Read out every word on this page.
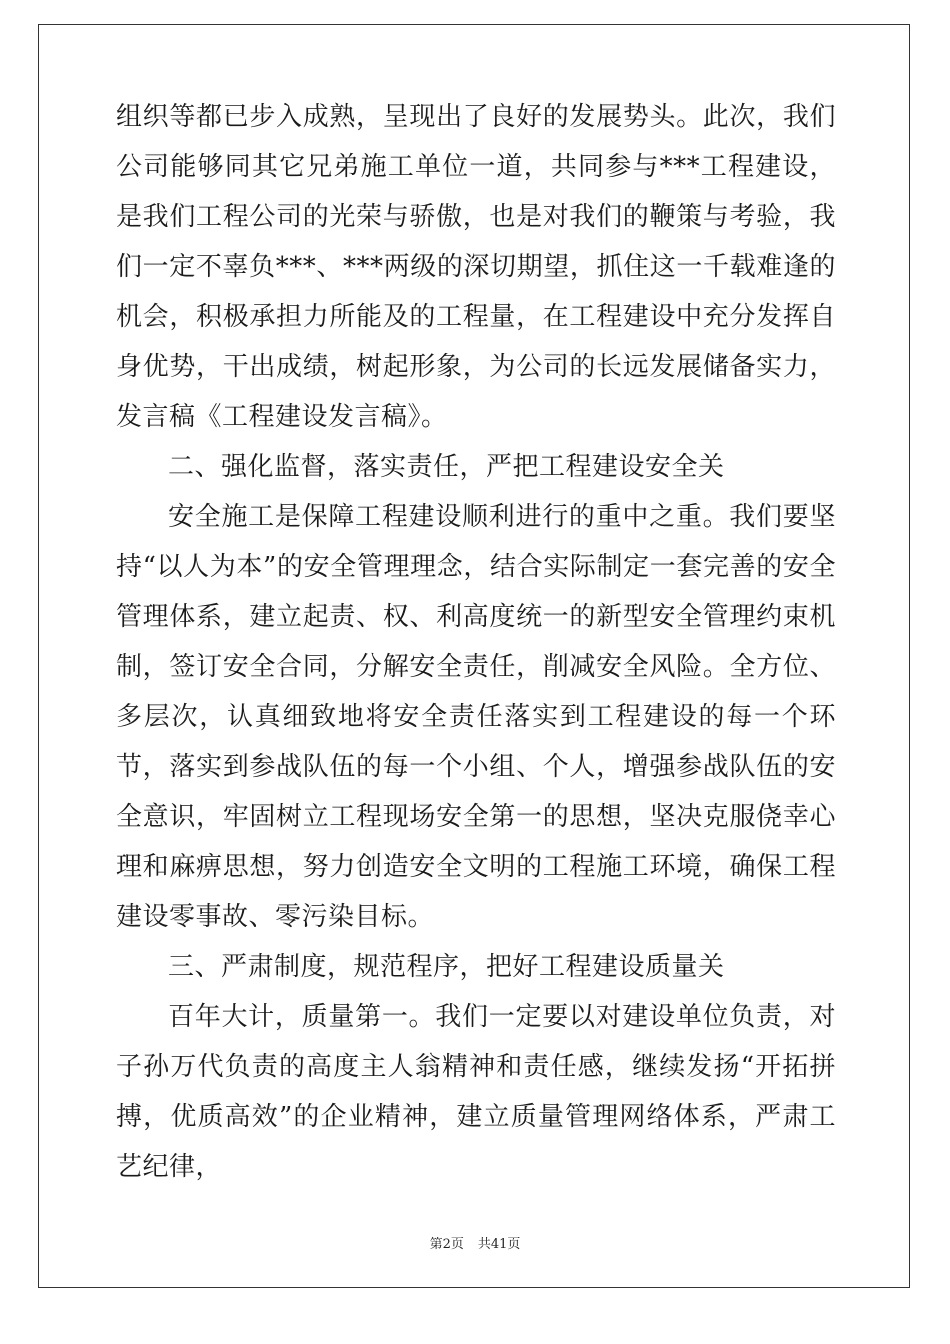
组织等都已步入成熟，呈现出了良好的发展势头。此次，我们公司能够同其它兄弟施工单位一道，共同参与***工程建设，是我们工程公司的光荣与骄傲，也是对我们的鞭策与考验，我们一定不辜负***、***两级的深切期望，抓住这一千载难逢的机会，积极承担力所能及的工程量，在工程建设中充分发挥自身优势，干出成绩，树起形象，为公司的长远发展储备实力，发言稿《工程建设发言稿》。

二、强化监督，落实责任，严把工程建设安全关

安全施工是保障工程建设顺利进行的重中之重。我们要坚持“以人为本”的安全管理理念，结合实际制定一套完善的安全管理体系，建立起责、权、利高度统一的新型安全管理约束机制，签订安全合同，分解安全责任，削减安全风险。全方位、多层次，认真细致地将安全责任落实到工程建设的每一个环节，落实到参战队伍的每一个小组、个人，增强参战队伍的安全意识，牢固树立工程现场安全第一的思想，坚决克服侥幸心理和麻痹思想，努力创造安全文明的工程施工环境，确保工程建设零事故、零污染目标。

三、严肃制度，规范程序，把好工程建设质量关

百年大计，质量第一。我们一定要以对建设单位负责，对子孙万代负责的高度主人翁精神和责任感，继续发扬“开拓拼搏，优质高效”的企业精神，建立质量管理网络体系，严肃工艺纪律，

第2页 共41页
